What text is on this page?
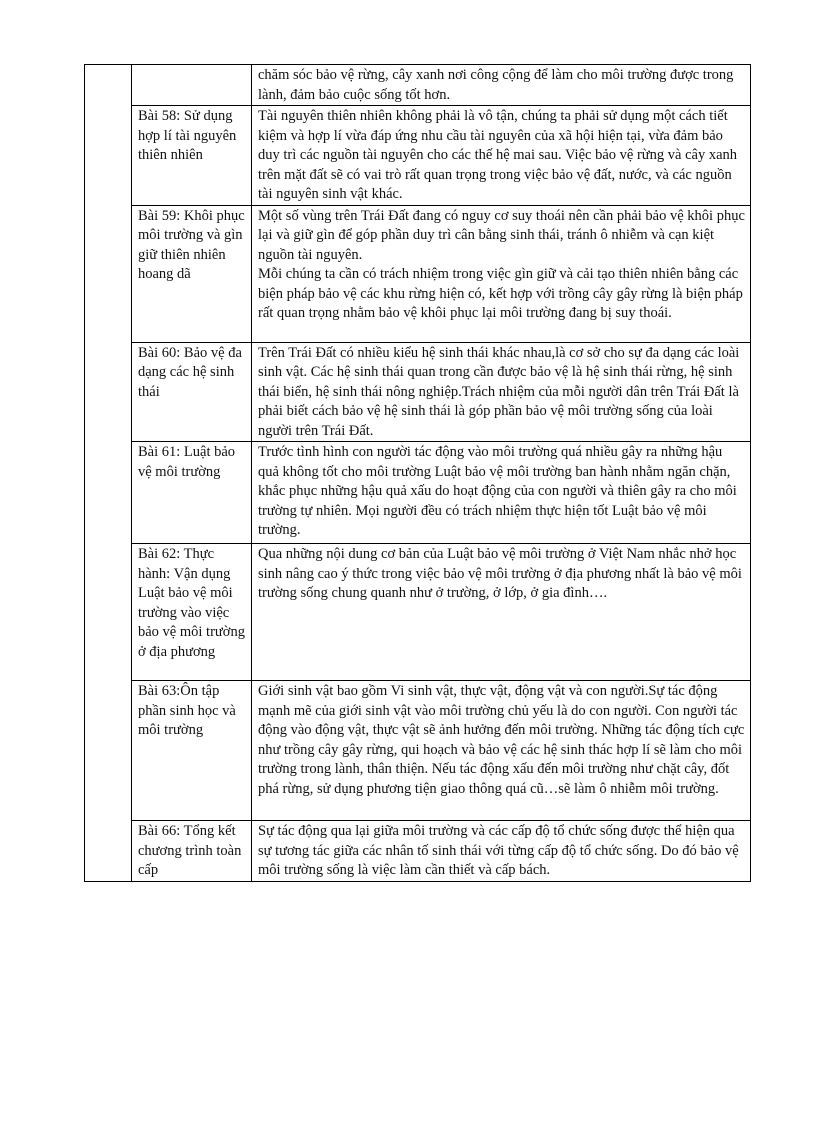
		chăm sóc bảo vệ rừng, cây xanh nơi công cộng để làm cho môi trường được trong lành, đảm bảo cuộc sống tốt hơn.
	Bài 58: Sử dụng hợp lí tài nguyên thiên nhiên	Tài nguyên thiên nhiên không phải là vô tận, chúng ta phải sử dụng một cách tiết kiệm và hợp lí vừa đáp ứng nhu cầu tài nguyên của xã hội hiện tại, vừa đảm bảo duy trì các nguồn tài nguyên cho các thế hệ mai sau. Việc bảo vệ rừng và cây xanh trên mặt đất sẽ có vai trò rất quan trọng trong việc bảo vệ đất, nước, và các nguồn tài nguyên sinh vật khác.
	Bài 59: Khôi phục môi trường và gìn giữ thiên nhiên hoang dã	Một số vùng trên Trái Đất đang có nguy cơ suy thoái nên cần phải bảo vệ khôi phục lại và giữ gìn để góp phần duy trì cân bằng sinh thái, tránh ô nhiễm và cạn kiệt nguồn tài nguyên.
Mỗi chúng ta cần có trách nhiệm trong việc gìn giữ và cải tạo thiên nhiên bằng các biện pháp bảo vệ các khu rừng hiện có, kết hợp với trồng cây gây rừng là biện pháp rất quan trọng nhằm bảo vệ khôi phục lại môi trường đang bị suy thoái.

	Bài 60: Bảo vệ đa dạng các hệ sinh thái	Trên Trái Đất có nhiều kiểu hệ sinh thái khác nhau,là cơ sở cho sự đa dạng các loài sinh vật. Các hệ sinh thái quan trong cần được bảo vệ là hệ sinh thái rừng, hệ sinh thái biển, hệ sinh thái nông nghiệp.Trách nhiệm của mỗi người dân trên Trái Đất là phải biết cách bảo vệ hệ sinh thái là góp phần bảo vệ môi trường sống của loài người trên Trái Đất.
	Bài 61: Luật bảo vệ môi trường	Trước tình hình con người tác động vào môi trường quá nhiều gây ra những hậu quả không tốt cho môi trường Luật bảo vệ môi trường ban hành nhằm ngăn chặn, khắc phục những hậu quả xấu do hoạt động của con người và thiên gây ra cho môi trường tự nhiên. Mọi người đều có trách nhiệm thực hiện tốt Luật bảo vệ môi trường.
	Bài 62: Thực hành: Vận dụng Luật bảo vệ môi trường vào việc bảo vệ môi trường ở địa phương	Qua những nội dung cơ bản của Luật bảo vệ môi trường ở Việt Nam nhắc nhở học sinh nâng cao ý thức trong việc bảo vệ môi trường ở địa phương nhất là bảo vệ môi trường sống chung quanh như ở trường, ở lớp, ở gia đình….
	Bài 63:Ôn tập phần sinh học và môi trường	Giới sinh vật bao gồm Vi sinh vật, thực vật, động vật và con người.Sự tác động mạnh mẽ của giới sinh vật vào môi trường chủ yếu là do con người. Con người tác động vào động vật, thực vật sẽ ảnh hưởng đến môi trường. Những tác động tích cực như trồng cây gây rừng, qui hoạch và bảo vệ các hệ sinh thác hợp lí sẽ làm cho môi trường trong lành, thân thiện. Nếu tác động xấu đến môi trường như chặt cây, đốt phá rừng, sử dụng phương tiện giao thông quá cũ…sẽ làm ô nhiễm môi trường.
	Bài 66: Tổng kết chương trình toàn cấp	Sự tác động qua lại giữa môi trường và các cấp độ tổ chức sống được thể hiện qua sự tương tác giữa các nhân tố sinh thái với từng cấp độ tổ chức sống. Do đó bảo vệ môi trường sống là việc làm cần thiết và cấp bách.
